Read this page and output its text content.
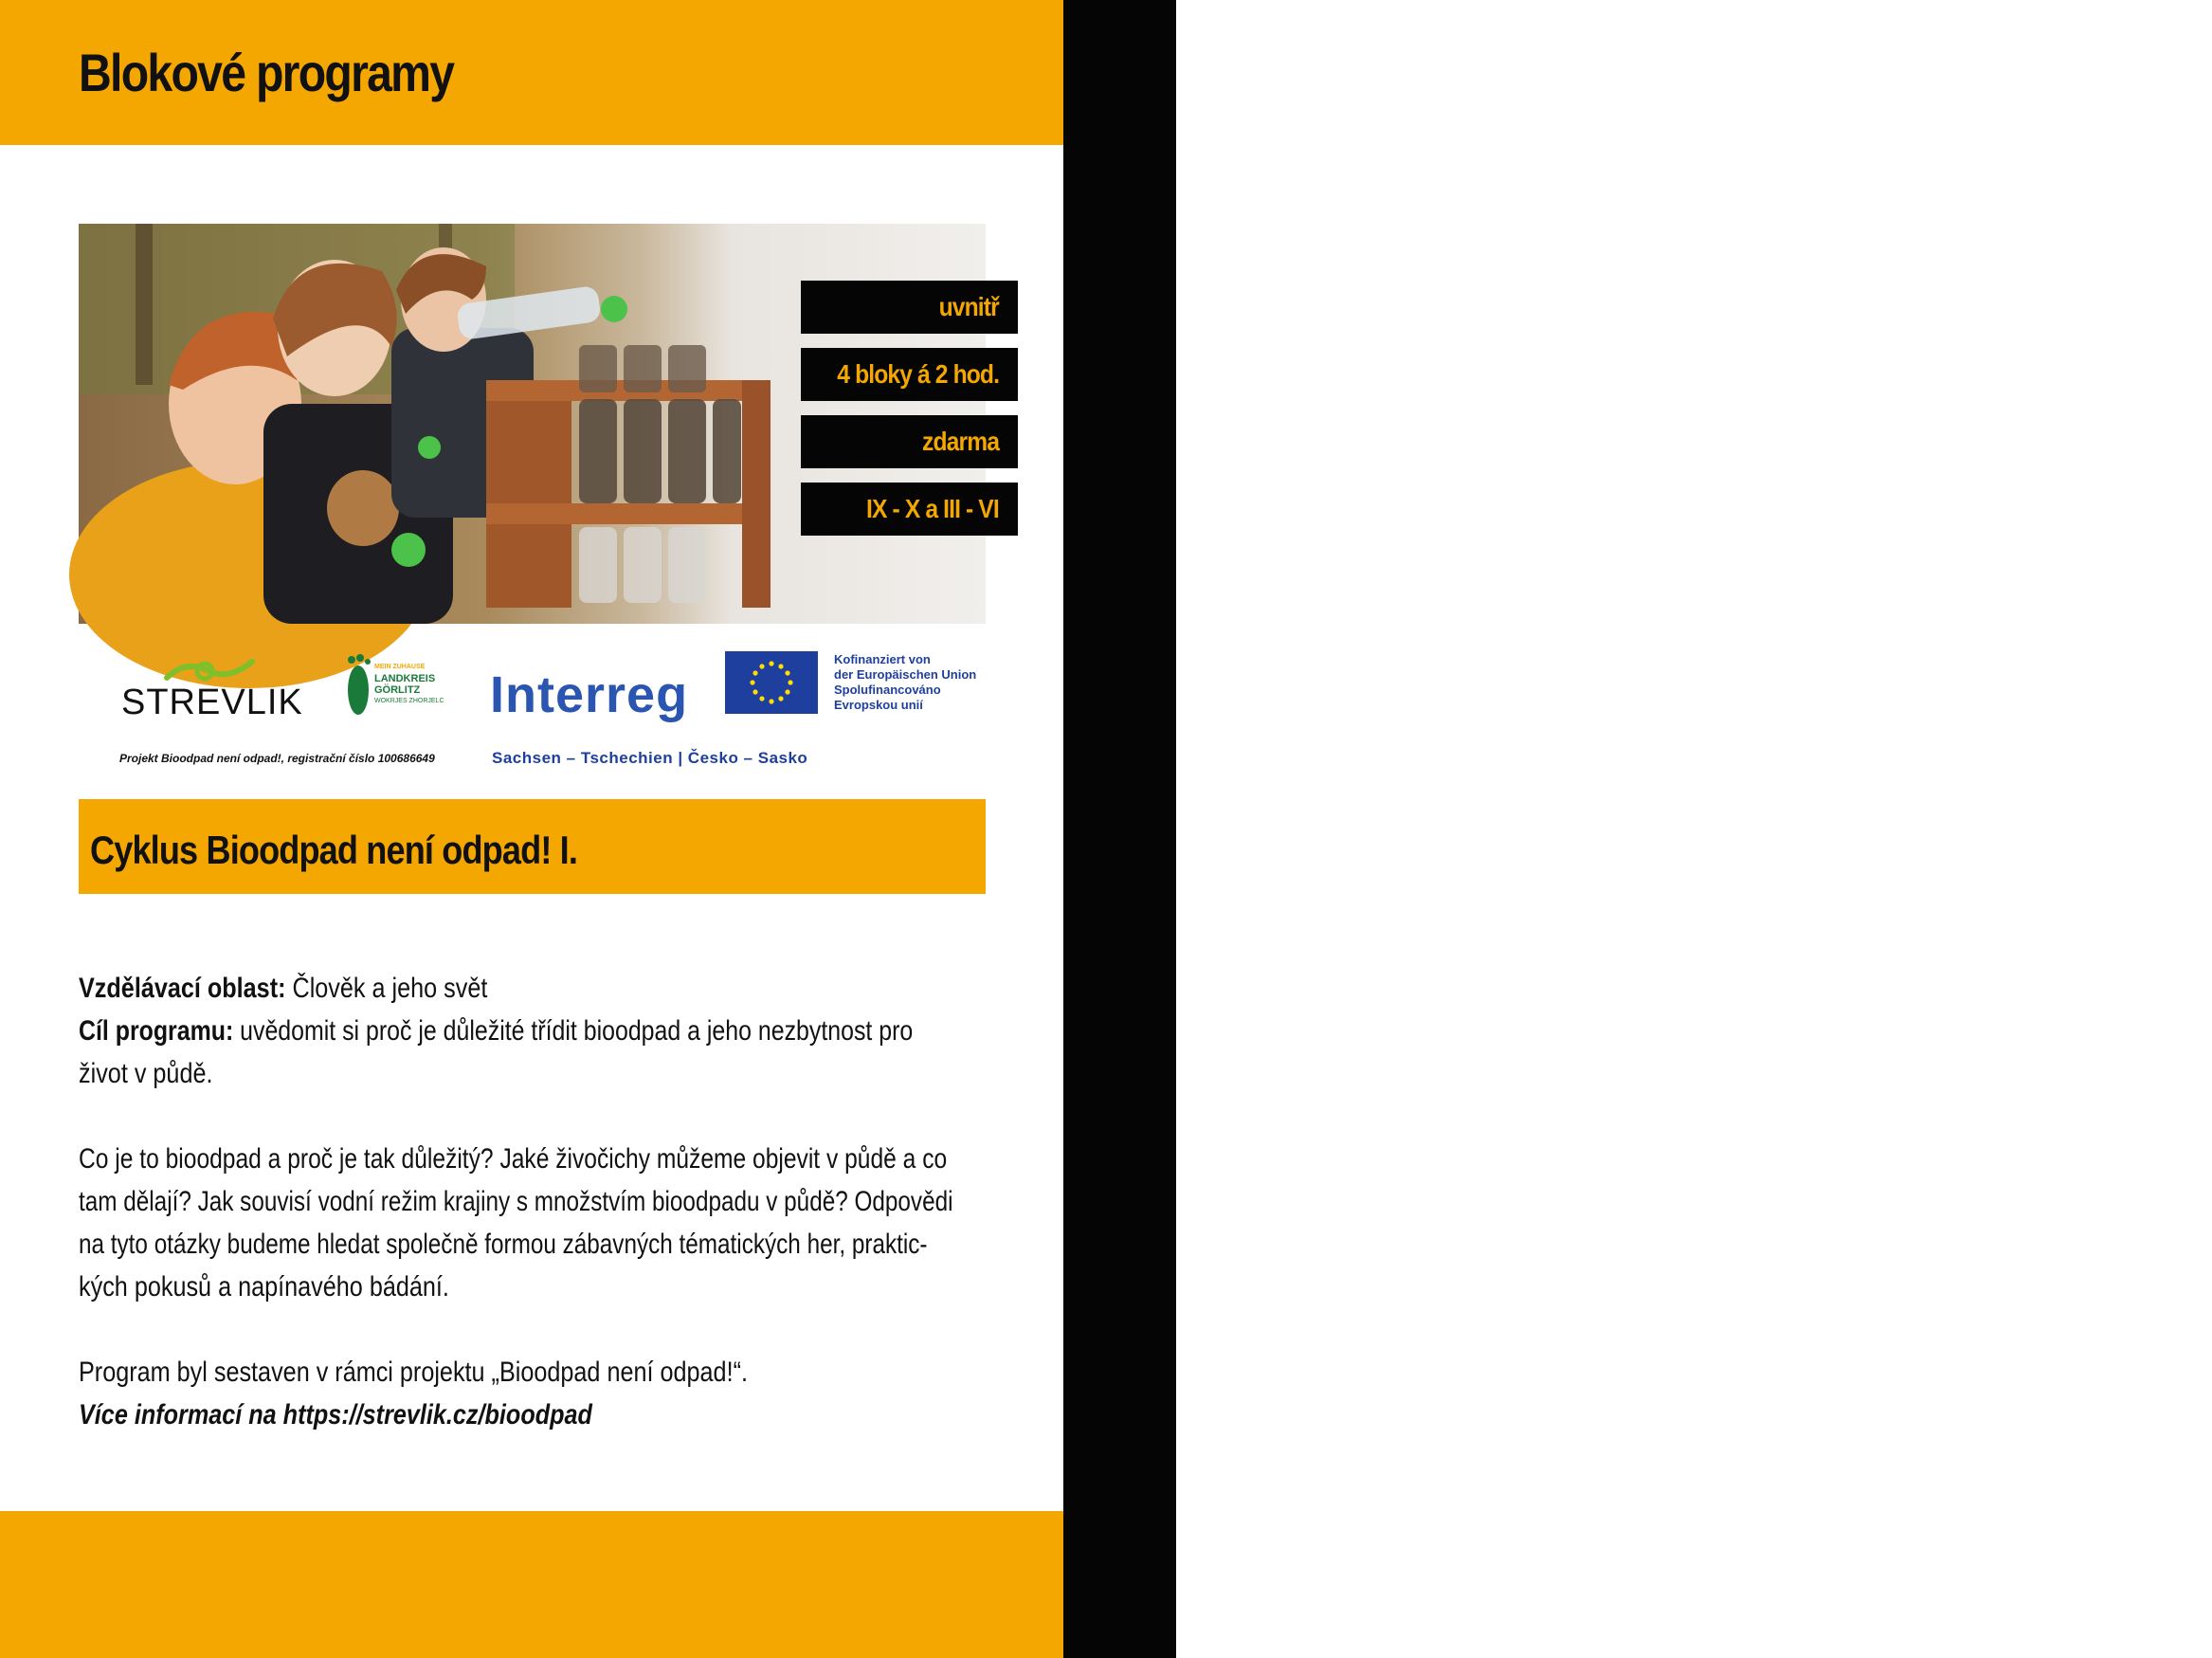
Blokové programy
Základní škola I. stupeň
uvnitř
4 bloky á 2 hod.
zdarma
IX - X a III - VI
STREVLIK
MEIN ZUHAUSE
LANDKREIS
GÖRLITZ
WOKRJES ZHORJELC Interreg
Kofinanziert von
der Europäischen Union
Spolufinancováno
Evropskou unií
Projekt Bioodpad není odpad!, registrační číslo 100686649	Sachsen – Tschechien | Česko – Sasko
Cyklus Bioodpad není odpad! I.
Vzdělávací oblast: Člověk a jeho svět
Cíl programu: uvědomit si proč je důležité třídit bioodpad a jeho nezbytnost pro
život v půdě.
Co je to bioodpad a proč je tak důležitý? Jaké živočichy můžeme objevit v půdě a co
tam dělají? Jak souvisí vodní režim krajiny s množstvím bioodpadu v půdě? Odpovědi
na tyto otázky budeme hledat společně formou zábavných tématických her, praktic-
kých pokusů a napínavého bádání.
Program byl sestaven v rámci projektu „Bioodpad není odpad!“.
Více informací na https://strevlik.cz/bioodpad
